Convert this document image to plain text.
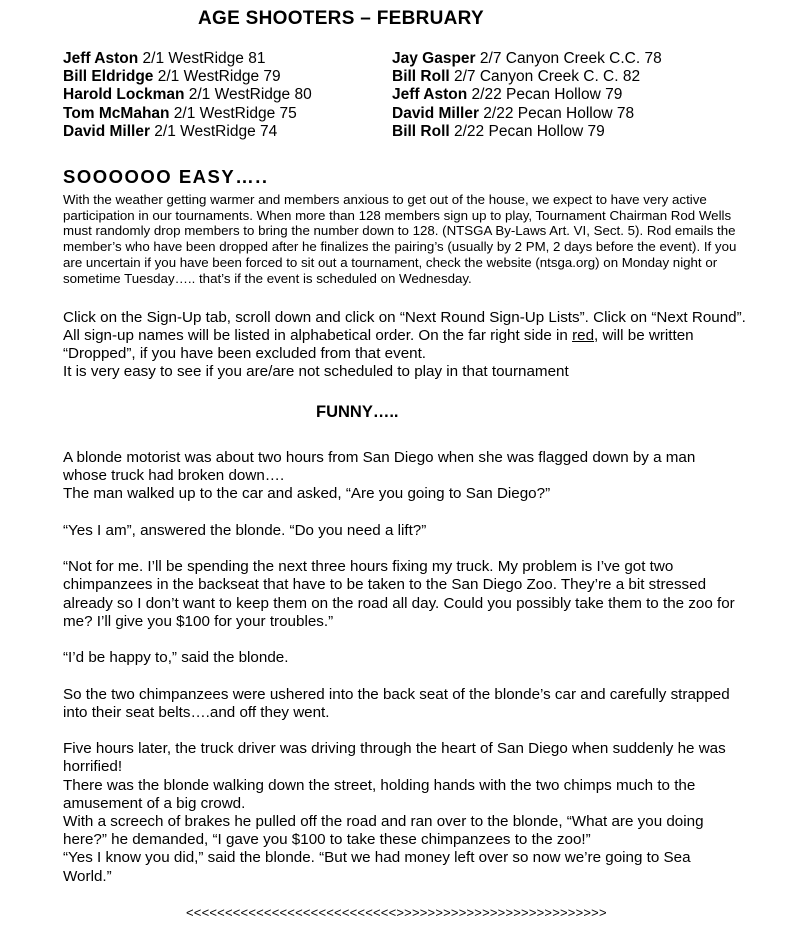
AGE SHOOTERS – FEBRUARY
Jeff Aston 2/1 WestRidge 81
Bill Eldridge 2/1 WestRidge 79
Harold Lockman 2/1 WestRidge 80
Tom McMahan 2/1 WestRidge 75
David Miller 2/1 WestRidge 74
Jay Gasper 2/7 Canyon Creek C.C. 78
Bill Roll 2/7 Canyon Creek C. C. 82
Jeff Aston 2/22 Pecan Hollow 79
David Miller 2/22 Pecan Hollow 78
Bill Roll 2/22 Pecan Hollow 79
SOOOOOO EASY…..
With the weather getting warmer and members anxious to get out of the house, we expect to have very active participation in our tournaments. When more than 128 members sign up to play, Tournament Chairman Rod Wells must randomly drop members to bring the number down to 128. (NTSGA By-Laws Art. VI, Sect. 5). Rod emails the member’s who have been dropped after he finalizes the pairing’s (usually by 2 PM, 2 days before the event). If you are uncertain if you have been forced to sit out a tournament, check the website (ntsga.org) on Monday night or sometime Tuesday….. that’s if the event is scheduled on Wednesday.

Click on the Sign-Up tab, scroll down and click on “Next Round Sign-Up Lists”. Click on “Next Round”. All sign-up names will be listed in alphabetical order. On the far right side in red, will be written “Dropped”, if you have been excluded from that event.

It is very easy to see if you are/are not scheduled to play in that tournament

FUNNY…..

A blonde motorist was about two hours from San Diego when she was flagged down by a man whose truck had broken down….

The man walked up to the car and asked, “Are you going to San Diego?”

“Yes I am”, answered the blonde. “Do you need a lift?”

“Not for me. I’ll be spending the next three hours fixing my truck. My problem is I’ve got two chimpanzees in the backseat that have to be taken to the San Diego Zoo. They’re a bit stressed already so I don’t want to keep them on the road all day. Could you possibly take them to the zoo for me? I’ll give you $100 for your troubles.”

“I’d be happy to,” said the blonde.

So the two chimpanzees were ushered into the back seat of the blonde’s car and carefully strapped into their seat belts….and off they went.

Five hours later, the truck driver was driving through the heart of San Diego when suddenly he was horrified!

There was the blonde walking down the street, holding hands with the two chimps much to the amusement of a big crowd.

With a screech of brakes he pulled off the road and ran over to the blonde, “What are you doing here?” he demanded, “I gave you $100 to take these chimpanzees to the zoo!”

“Yes I know you did,” said the blonde. “But we had money left over so now we’re going to Sea World.”

<<<<<<<<<<<<<<<<<<<<<<<<<<<>>>>>>>>>>>>>>>>>>>>>>>>>>>
